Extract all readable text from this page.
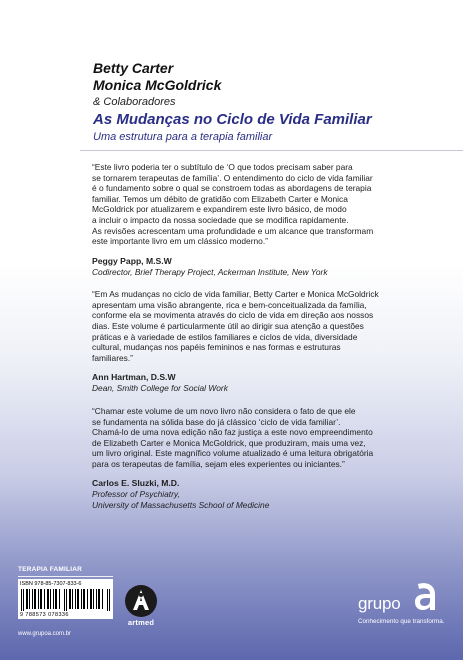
Betty Carter
Monica McGoldrick
& Colaboradores
As Mudanças no Ciclo de Vida Familiar
Uma estrutura para a terapia familiar
“Este livro poderia ter o subtítulo de ‘O que todos precisam saber para
se tornarem terapeutas de família’. O entendimento do ciclo de vida familiar
é o fundamento sobre o qual se constroem todas as abordagens de terapia
familiar. Temos um débito de gratidão com Elizabeth Carter e Monica
McGoldrick por atualizarem e expandirem este livro básico, de modo
a incluir o impacto da nossa sociedade que se modifica rapidamente.
As revisões acrescentam uma profundidade e um alcance que transformam
este importante livro em um clássico moderno.”
Peggy Papp, M.S.W
Codirector, Brief Therapy Project, Ackerman Institute, New York
“Em As mudanças no ciclo de vida familiar, Betty Carter e Monica McGoldrick
apresentam uma visão abrangente, rica e bem-conceitualizada da família,
conforme ela se movimenta através do ciclo de vida em direção aos nossos
dias. Este volume é particularmente útil ao dirigir sua atenção a questões
práticas e à variedade de estilos familiares e ciclos de vida, diversidade
cultural, mudanças nos papéis femininos e nas formas e estruturas
familiares.”
Ann Hartman, D.S.W
Dean, Smith College for Social Work
“Chamar este volume de um novo livro não considera o fato de que ele
se fundamenta na sólida base do já clássico ‘ciclo de vida familiar’.
Chamá-lo de uma nova edição não faz justiça a este novo empreendimento
de Elizabeth Carter e Monica McGoldrick, que produziram, mais uma vez,
um livro original. Este magnífico volume atualizado é uma leitura obrigatória
para os terapeutas de família, sejam eles experientes ou iniciantes.”
Carlos E. Sluzki, M.D.
Professor of Psychiatry,
University of Massachusetts School of Medicine
TERAPIA FAMILIAR
ISBN 978-85-7307-833-6
9 788573 078336
www.grupoa.com.br
artmed
grupo
Conhecimento que transforma.
